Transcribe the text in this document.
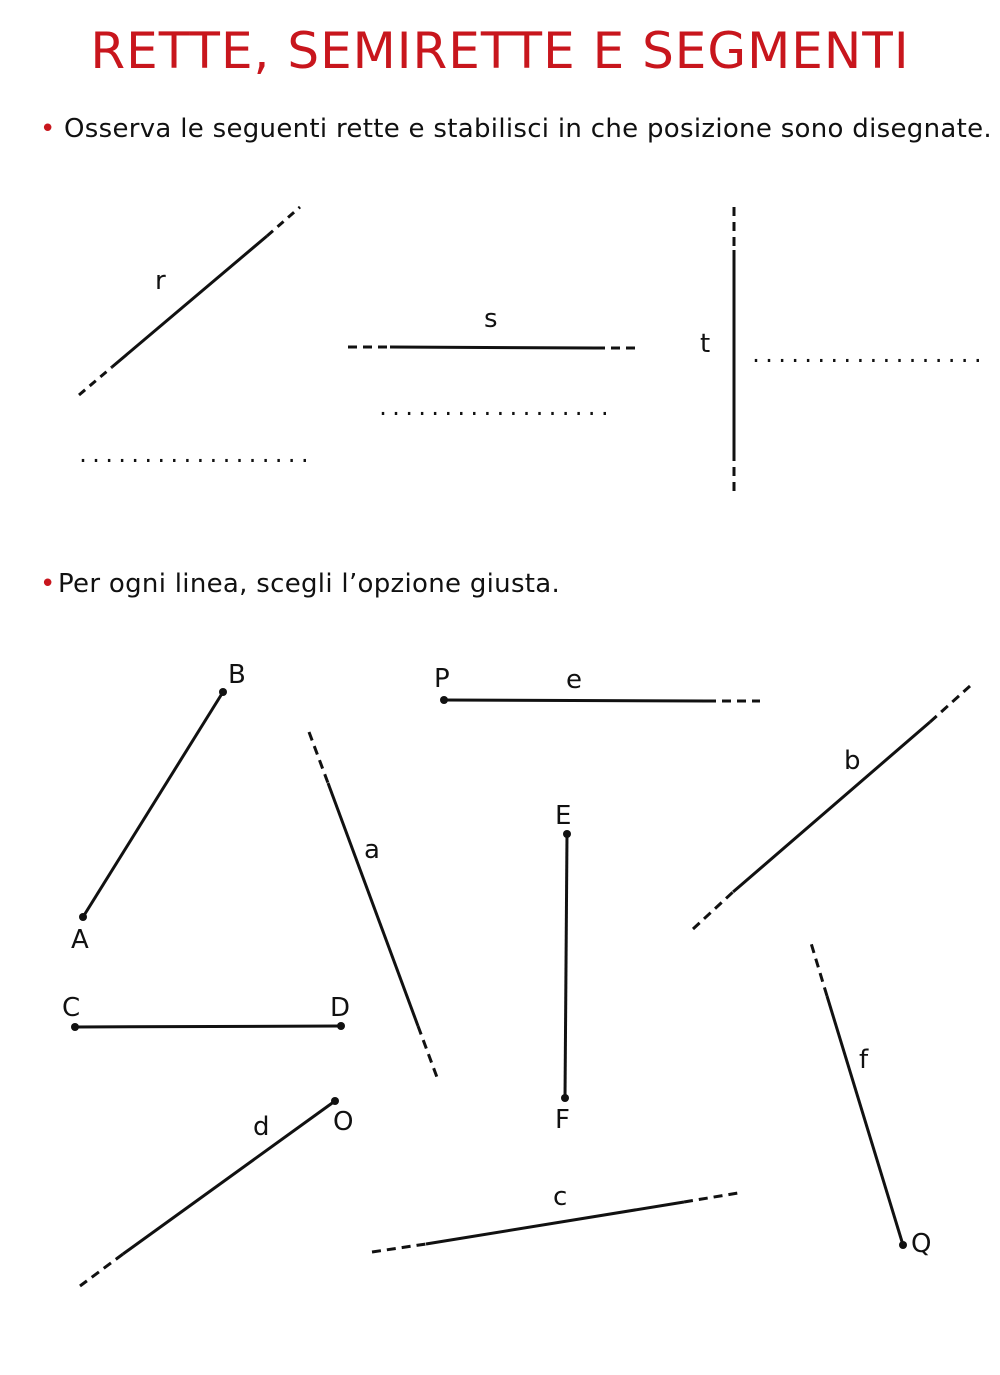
RETTE, SEMIRETTE E SEGMENTI
• Osserva le seguenti rette e stabilisci in che posizione sono disegnate.
• Per ogni linea, scegli l’opzione giusta.
r
s
t
..................
..................
..................
B
A
C	D
E
F
P
O
Q
a
b
c
d
e
f
